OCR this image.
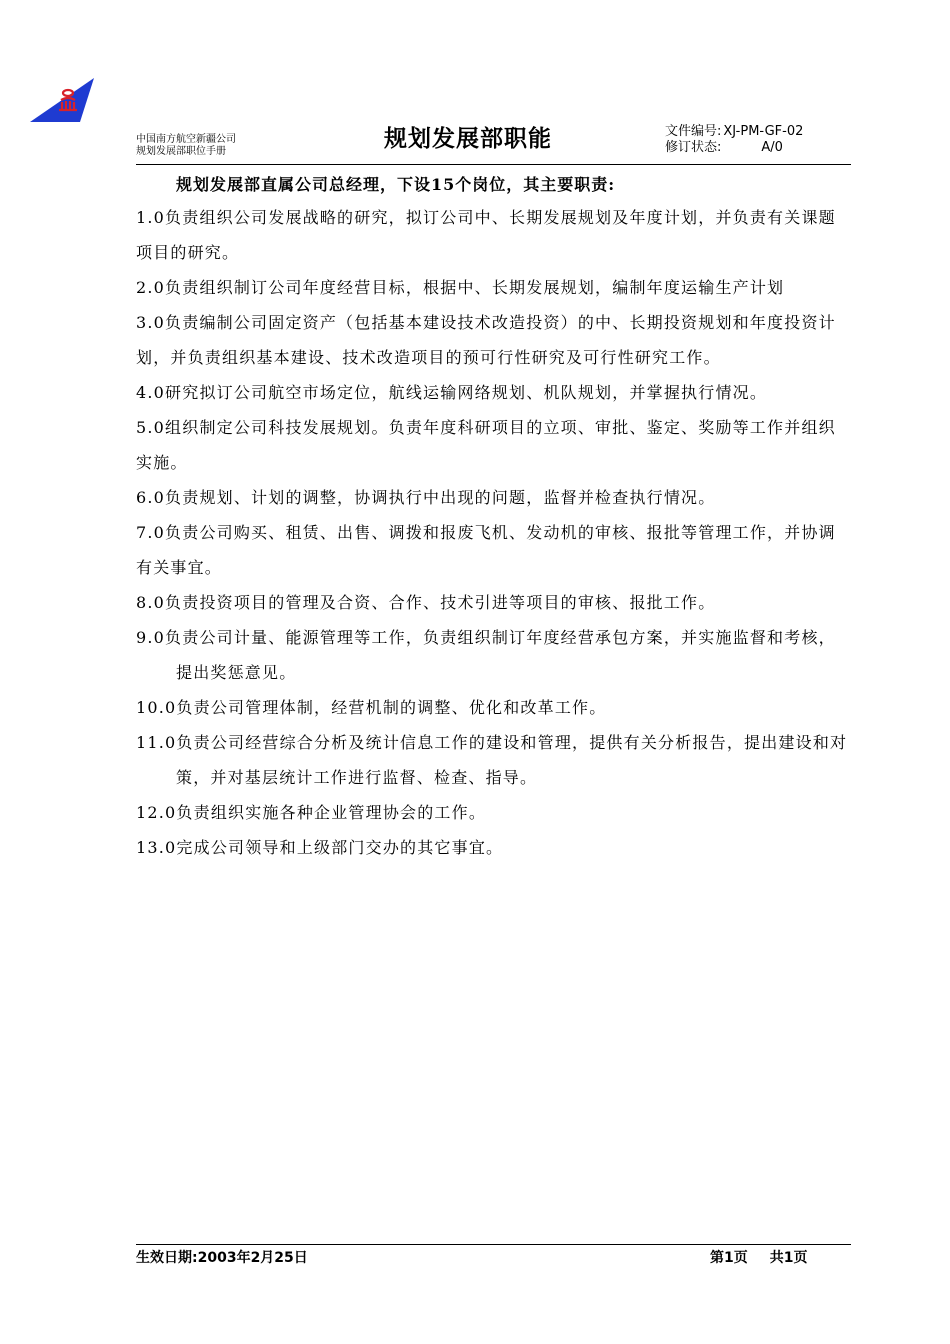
中国南方航空新疆公司
规划发展部职位手册	规划发展部职能	文件编号: XJ-PM-GF-02
修订状态:	A/0

规划发展部直属公司总经理，下设15个岗位，其主要职责:

1.0负责组织公司发展战略的研究，拟订公司中、长期发展规划及年度计划，并负责有关课题项目的研究。

2.0负责组织制订公司年度经营目标，根据中、长期发展规划，编制年度运输生产计划

3.0负责编制公司固定资产（包括基本建设技术改造投资）的中、长期投资规划和年度投资计划，并负责组织基本建设、技术改造项目的预可行性研究及可行性研究工作。

4.0研究拟订公司航空市场定位，航线运输网络规划、机队规划，并掌握执行情况。

5.0组织制定公司科技发展规划。负责年度科研项目的立项、审批、鉴定、奖励等工作并组织实施。

6.0负责规划、计划的调整，协调执行中出现的问题，监督并检查执行情况。

7.0负责公司购买、租赁、出售、调拨和报废飞机、发动机的审核、报批等管理工作，并协调有关事宜。

8.0负责投资项目的管理及合资、合作、技术引进等项目的审核、报批工作。

9.0负责公司计量、能源管理等工作，负责组织制订年度经营承包方案，并实施监督和考核，提出奖惩意见。

10.0负责公司管理体制，经营机制的调整、优化和改革工作。

11.0负责公司经营综合分析及统计信息工作的建设和管理，提供有关分析报告，提出建设和对策，并对基层统计工作进行监督、检查、指导。

12.0负责组织实施各种企业管理协会的工作。

13.0完成公司领导和上级部门交办的其它事宜。

生效日期:2003年2月25日	第1页 共1页
